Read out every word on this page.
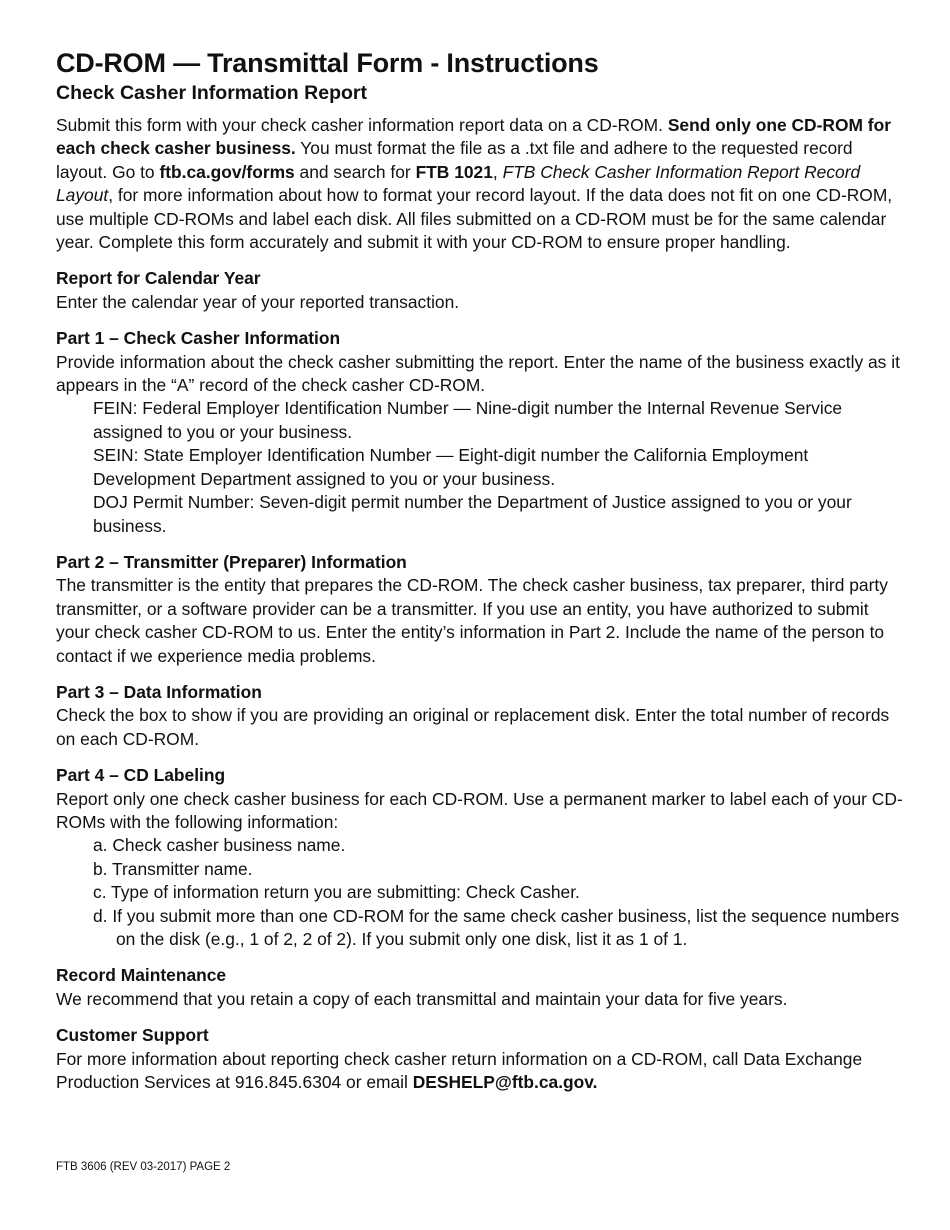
CD-ROM — Transmittal Form - Instructions
Check Casher Information Report

Submit this form with your check casher information report data on a CD-ROM. Send only one CD-ROM for each check casher business. You must format the file as a .txt file and adhere to the requested record layout. Go to ftb.ca.gov/forms and search for FTB 1021, FTB Check Casher Information Report Record Layout, for more information about how to format your record layout. If the data does not fit on one CD-ROM, use multiple CD-ROMs and label each disk. All files submitted on a CD-ROM must be for the same calendar year. Complete this form accurately and submit it with your CD-ROM to ensure proper handling.

Report for Calendar Year

Enter the calendar year of your reported transaction.

Part 1 – Check Casher Information

Provide information about the check casher submitting the report. Enter the name of the business exactly as it appears in the “A” record of the check casher CD-ROM.

FEIN: Federal Employer Identification Number — Nine-digit number the Internal Revenue Service assigned to you or your business.

SEIN: State Employer Identification Number — Eight-digit number the California Employment Development Department assigned to you or your business.

DOJ Permit Number: Seven-digit permit number the Department of Justice assigned to you or your business.

Part 2 – Transmitter (Preparer) Information

The transmitter is the entity that prepares the CD-ROM. The check casher business, tax preparer, third party transmitter, or a software provider can be a transmitter. If you use an entity, you have authorized to submit your check casher CD-ROM to us. Enter the entity’s information in Part 2. Include the name of the person to contact if we experience media problems.

Part 3 – Data Information

Check the box to show if you are providing an original or replacement disk. Enter the total number of records on each CD-ROM.

Part 4 – CD Labeling

Report only one check casher business for each CD-ROM. Use a permanent marker to label each of your CD-ROMs with the following information:

a. Check casher business name.
b. Transmitter name.
c. Type of information return you are submitting: Check Casher.
d. If you submit more than one CD-ROM for the same check casher business, list the sequence numbers on the disk (e.g., 1 of 2, 2 of 2). If you submit only one disk, list it as 1 of 1.
Record Maintenance

We recommend that you retain a copy of each transmittal and maintain your data for five years.

Customer Support

For more information about reporting check casher return information on a CD-ROM, call Data Exchange Production Services at 916.845.6304 or email DESHELP@ftb.ca.gov.

FTB 3606 (REV 03-2017) PAGE 2
